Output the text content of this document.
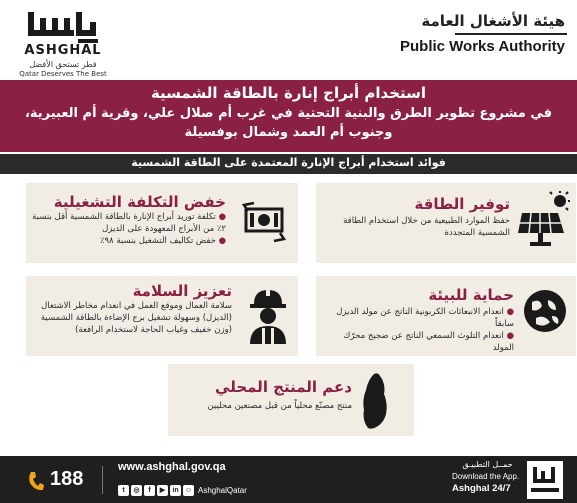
ASHGHAL
قطر تستحق الأفضل
Qatar Deserves The Best
هيئة الأشغال العامة
Public Works Authority
استخدام أبراج إنارة بالطاقة الشمسية
في مشروع تطوير الطرق والبنية التحتية في غرب أم صلال علي، وقرية أم العبيرية، وجنوب أم العمد وشمال بوفسيلة
فوائد استخدام أبراج الإنارة المعتمدة على الطاقة الشمسية
توفير الطاقة
حفظ الموارد الطبيعية من خلال استخدام الطاقة الشمسية المتجددة
خفض التكلفة التشغيلية
● تكلفة توريد أبراج الإنارة بالطاقة الشمسية أقل بنسبة ٢٪ من الأبراج المعهودة على الديزل
● خفض تكاليف التشغيل بنسبة ٩٨٪
حماية للبيئة
● انعدام الانبعاثات الكربونية الناتج عن مولد الديزل سابقاً
● انعدام التلوث السمعي الناتج عن ضجيج محرّك المولد
تعزيز السلامة
سلامة العمال وموقع العمل في انعدام مخاطر الاشتعال (الديزل) وسهولة تشغيل برج الإضاءة بالطاقة الشمسية (وزن خفيف وغياب الحاجة لاستخدام الرافعة)
دعم المنتج المحلي
منتج مصنّع محلياً من قبل مصنعين محليين
188
www.ashghal.gov.qa
t ◎ f ▶ in ☺ AshghalQatar
حمــل التطبيـق
Download the App.
Ashghal 24/7
